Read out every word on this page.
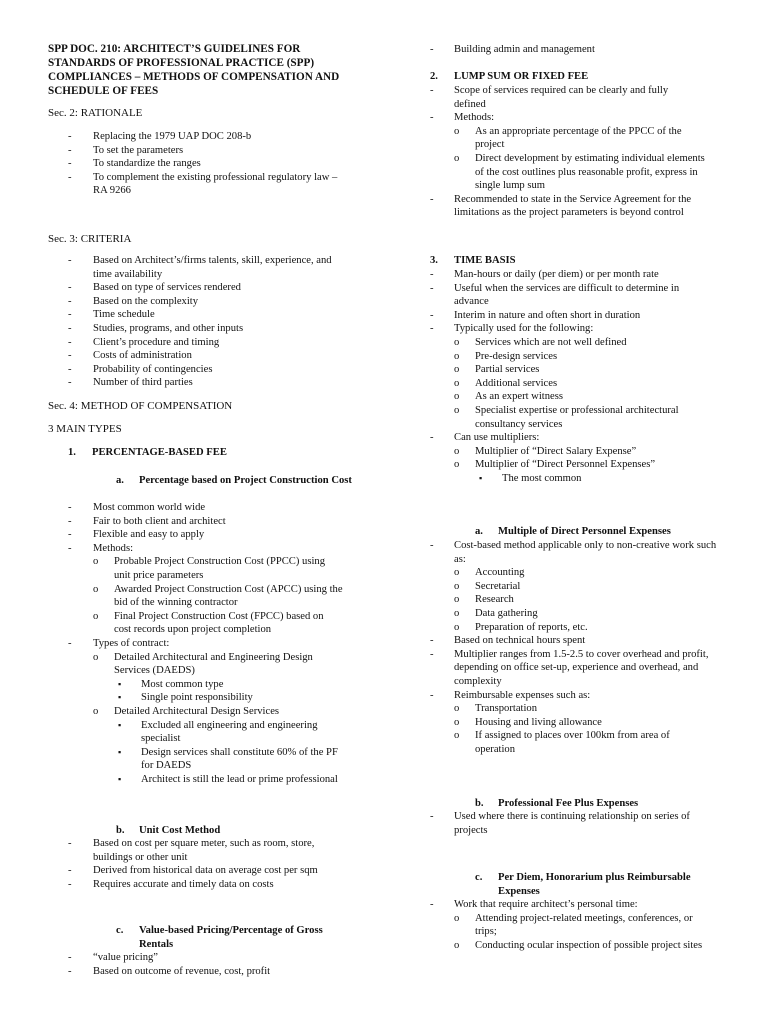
SPP DOC. 210: ARCHITECT’S GUIDELINES FOR STANDARDS OF PROFESSIONAL PRACTICE (SPP) COMPLIANCES – METHODS OF COMPENSATION AND SCHEDULE OF FEES
Sec. 2: RATIONALE
- Replacing the 1979 UAP DOC 208-b
- To set the parameters
- To standardize the ranges
- To complement the existing professional regulatory law – RA 9266
Sec. 3: CRITERIA
- Based on Architect’s/firms talents, skill, experience, and time availability
- Based on type of services rendered
- Based on the complexity
- Time schedule
- Studies, programs, and other inputs
- Client’s procedure and timing
- Costs of administration
- Probability of contingencies
- Number of third parties
Sec. 4: METHOD OF COMPENSATION
3 MAIN TYPES
1. PERCENTAGE-BASED FEE
a.	Percentage based on Project Construction Cost
- Most common world wide
- Fair to both client and architect
- Flexible and easy to apply
- Methods:
o Probable Project Construction Cost (PPCC) using unit price parameters
o Awarded Project Construction Cost (APCC) using the bid of the winning contractor
o Final Project Construction Cost (FPCC) based on cost records upon project completion
- Types of contract:
o Detailed Architectural and Engineering Design Services (DAEDS)
▪ Most common type
▪ Single point responsibility
o Detailed Architectural Design Services
▪ Excluded all engineering and engineering specialist
▪ Design services shall constitute 60% of the PF for DAEDS
▪ Architect is still the lead or prime professional
b.	Unit Cost Method
- Based on cost per square meter, such as room, store, buildings or other unit
- Derived from historical data on average cost per sqm
- Requires accurate and timely data on costs
c.	Value-based Pricing/Percentage of Gross Rentals
- “value pricing”
- Based on outcome of revenue, cost, profit
- Building admin and management
2. LUMP SUM OR FIXED FEE
- Scope of services required can be clearly and fully defined
- Methods:
o As an appropriate percentage of the PPCC of the project
o Direct development by estimating individual elements of the cost outlines plus reasonable profit, express in single lump sum
- Recommended to state in the Service Agreement for the limitations as the project parameters is beyond control
3. TIME BASIS
- Man-hours or daily (per diem) or per month rate
- Useful when the services are difficult to determine in advance
- Interim in nature and often short in duration
- Typically used for the following:
o Services which are not well defined
o Pre-design services
o Partial services
o Additional services
o As an expert witness
o Specialist expertise or professional architectural consultancy services
- Can use multipliers:
o Multiplier of “Direct Salary Expense”
o Multiplier of “Direct Personnel Expenses”
▪ The most common
a.	Multiple of Direct Personnel Expenses
- Cost-based method applicable only to non-creative work such as:
o Accounting
o Secretarial
o Research
o Data gathering
o Preparation of reports, etc.
- Based on technical hours spent
- Multiplier ranges from 1.5-2.5 to cover overhead and profit, depending on office set-up, experience and overhead, and complexity
- Reimbursable expenses such as:
o Transportation
o Housing and living allowance
o If assigned to places over 100km from area of operation
b.	Professional Fee Plus Expenses
- Used where there is continuing relationship on series of projects
c.	Per Diem, Honorarium plus Reimbursable Expenses
- Work that require architect’s personal time:
o Attending project-related meetings, conferences, or trips;
o Conducting ocular inspection of possible project sites
